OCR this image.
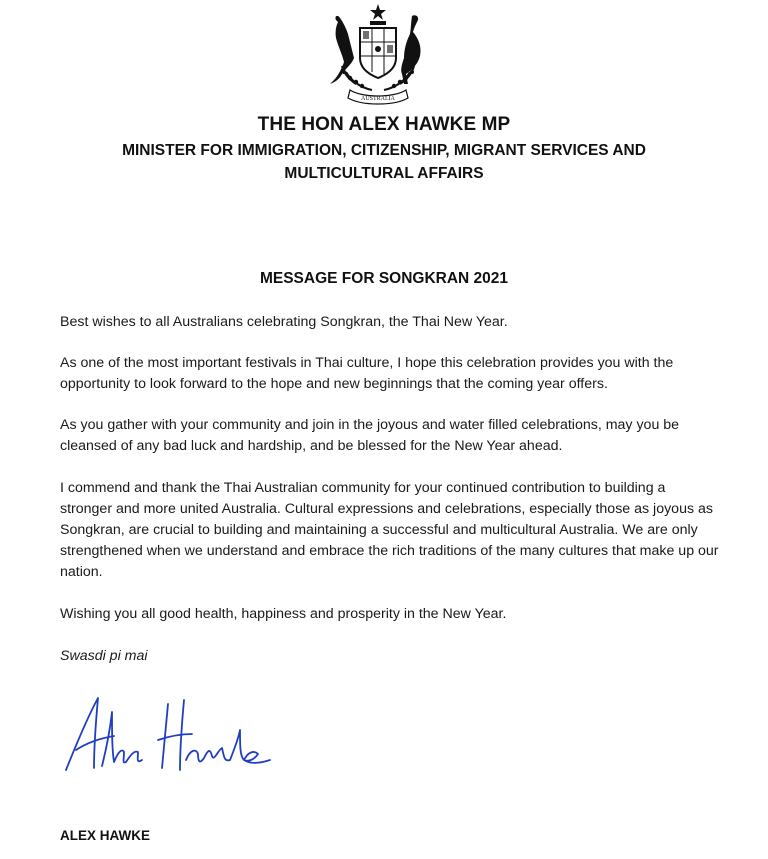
AUSTRALIA
THE HON ALEX HAWKE MP
MINISTER FOR IMMIGRATION, CITIZENSHIP, MIGRANT SERVICES AND
MULTICULTURAL AFFAIRS
MESSAGE FOR SONGKRAN 2021

Best wishes to all Australians celebrating Songkran, the Thai New Year.

As one of the most important festivals in Thai culture, I hope this celebration provides you with the opportunity to look forward to the hope and new beginnings that the coming year offers.

As you gather with your community and join in the joyous and water filled celebrations, may you be cleansed of any bad luck and hardship, and be blessed for the New Year ahead.

I commend and thank the Thai Australian community for your continued contribution to building a stronger and more united Australia. Cultural expressions and celebrations, especially those as joyous as Songkran, are crucial to building and maintaining a successful and multicultural Australia. We are only strengthened when we understand and embrace the rich traditions of the many cultures that make up our nation.

Wishing you all good health, happiness and prosperity in the New Year.

Swasdi pi mai

ALEX HAWKE
